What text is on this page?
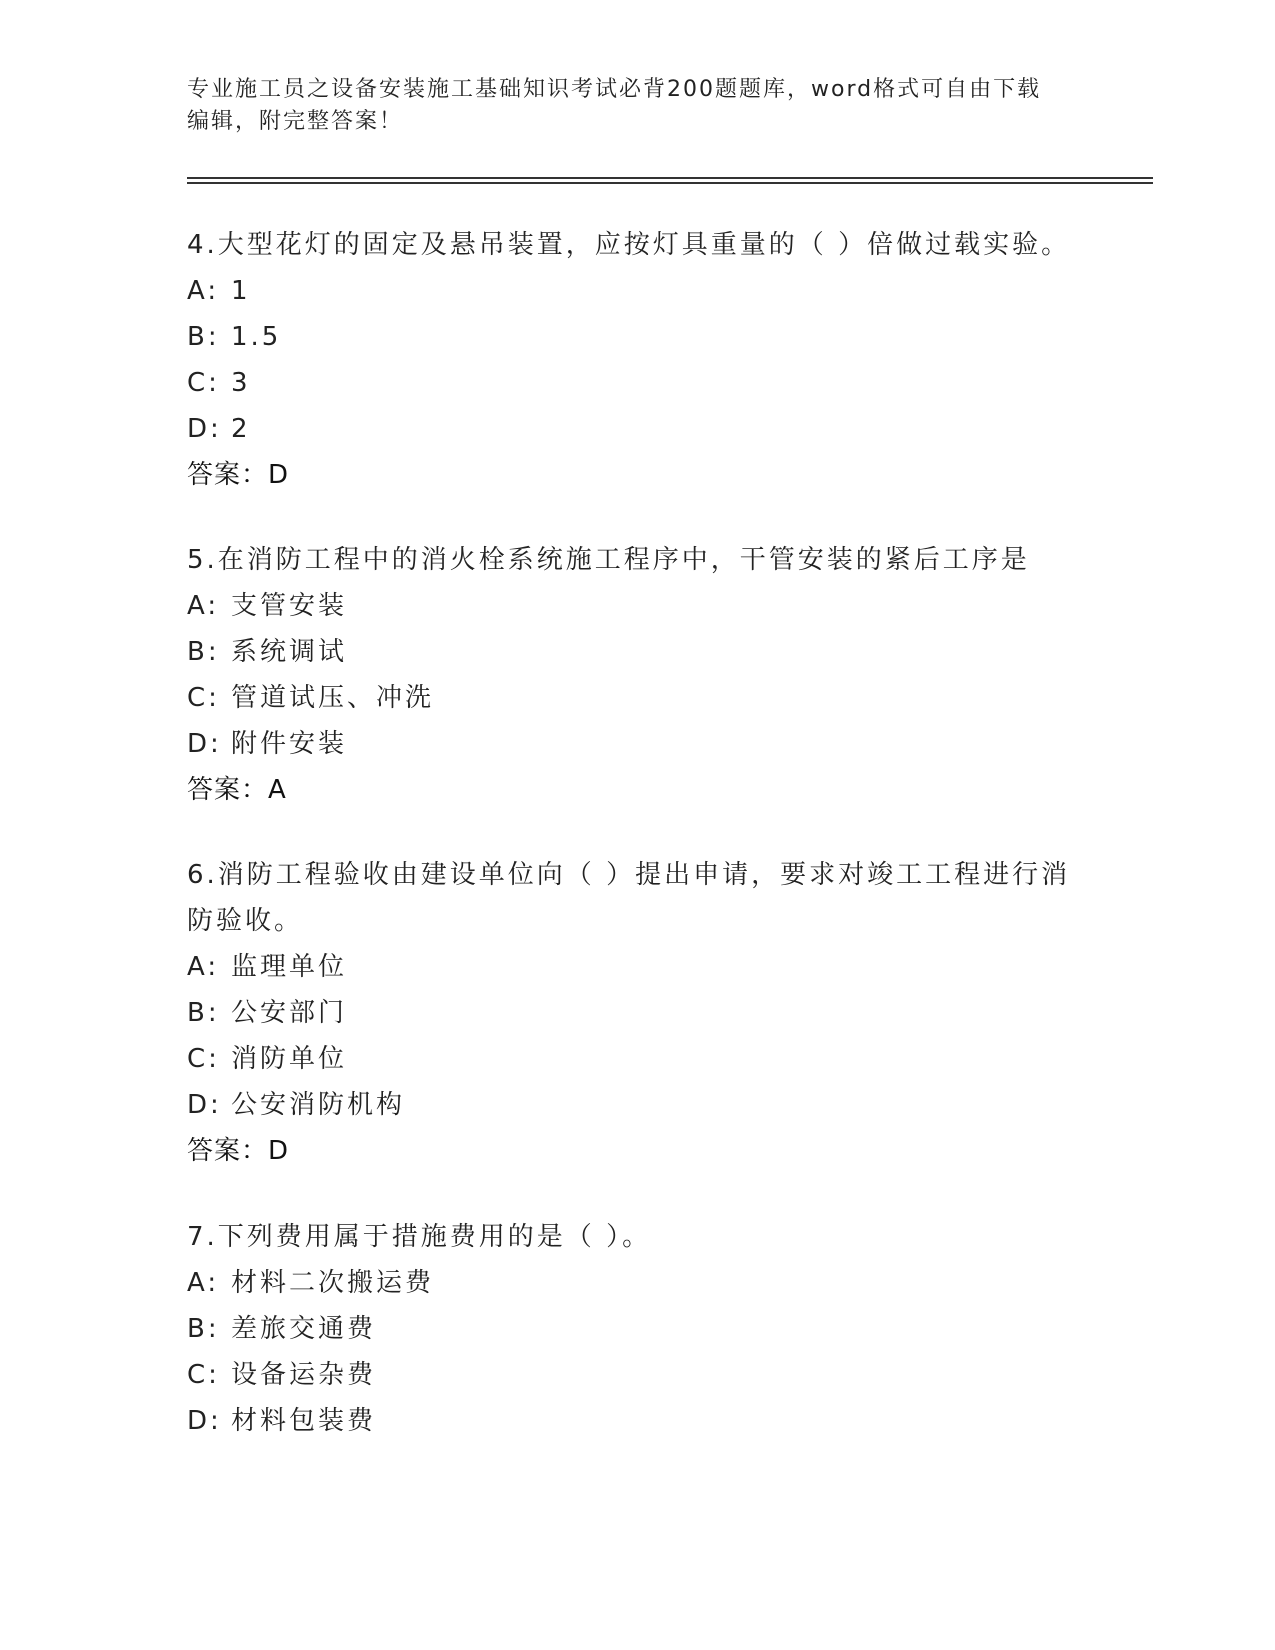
专业施工员之设备安装施工基础知识考试必背200题题库，word格式可自由下载
编辑，附完整答案！
4.大型花灯的固定及悬吊装置，应按灯具重量的（ ）倍做过载实验。
A: 1
B: 1.5
C: 3
D: 2
答案：D
5.在消防工程中的消火栓系统施工程序中，干管安装的紧后工序是
A: 支管安装
B: 系统调试
C: 管道试压、冲洗
D: 附件安装
答案：A
6.消防工程验收由建设单位向（ ）提出申请，要求对竣工工程进行消
防验收。
A: 监理单位
B: 公安部门
C: 消防单位
D: 公安消防机构
答案：D
7.下列费用属于措施费用的是（ ）。
A: 材料二次搬运费
B: 差旅交通费
C: 设备运杂费
D: 材料包装费
